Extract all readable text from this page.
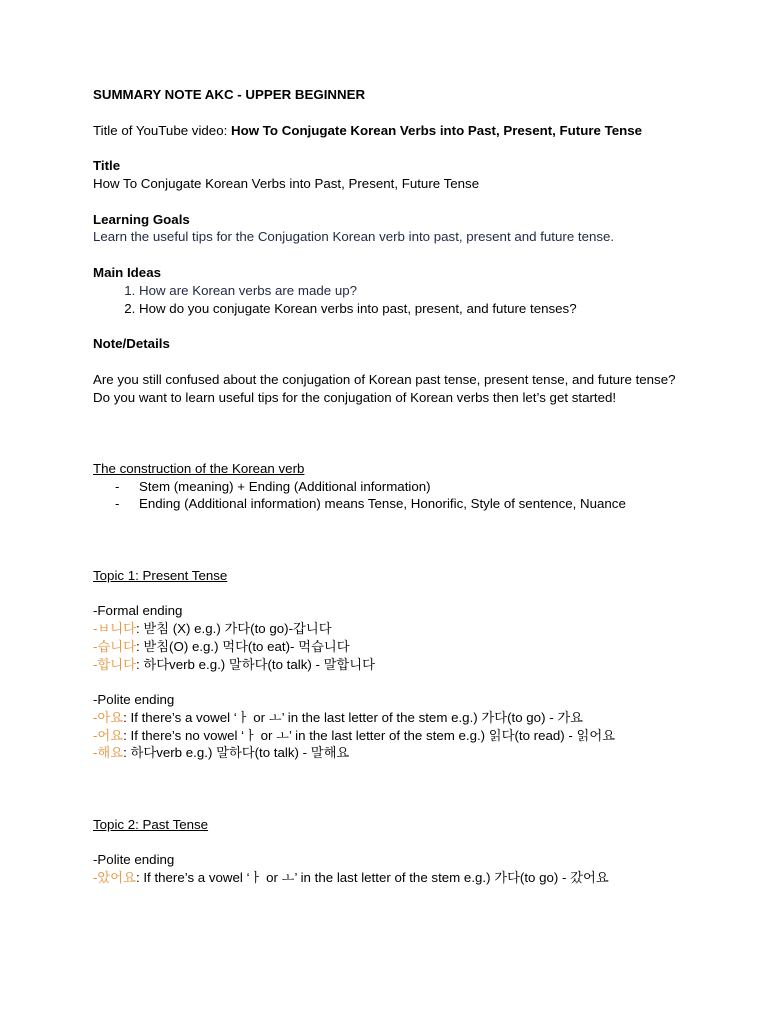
SUMMARY NOTE AKC - UPPER BEGINNER
Title of YouTube video: How To Conjugate Korean Verbs into Past, Present, Future Tense
Title
How To Conjugate Korean Verbs into Past, Present, Future Tense
Learning Goals
Learn the useful tips for the Conjugation Korean verb into past, present and future tense.
Main Ideas
1. How are Korean verbs are made up?
2. How do you conjugate Korean verbs into past, present, and future tenses?
Note/Details
Are you still confused about the conjugation of Korean past tense, present tense, and future tense? Do you want to learn useful tips for the conjugation of Korean verbs then let’s get started!
The construction of the Korean verb
- Stem (meaning) + Ending (Additional information)
- Ending (Additional information) means Tense, Honorific, Style of sentence, Nuance
Topic 1: Present Tense
-Formal ending
-ㅂ니다: 받침 (X) e.g.) 가다(to go)-갑니다
-습니다: 받침(O) e.g.) 먹다(to eat)- 먹습니다
-합니다: 하다verb e.g.) 말하다(to talk) - 말합니다
-Polite ending
-아요: If there’s a vowel ‘ㅏ or ㅗ’ in the last letter of the stem e.g.) 가다(to go) - 가요
-어요: If there’s no vowel ‘ㅏ or ㅗ’ in the last letter of the stem e.g.) 읽다(to read) - 읽어요
-해요: 하다verb e.g.) 말하다(to talk) - 말해요
Topic 2: Past Tense
-Polite ending
-았어요: If there’s a vowel ‘ㅏ or ㅗ’ in the last letter of the stem e.g.) 가다(to go) - 갔어요
